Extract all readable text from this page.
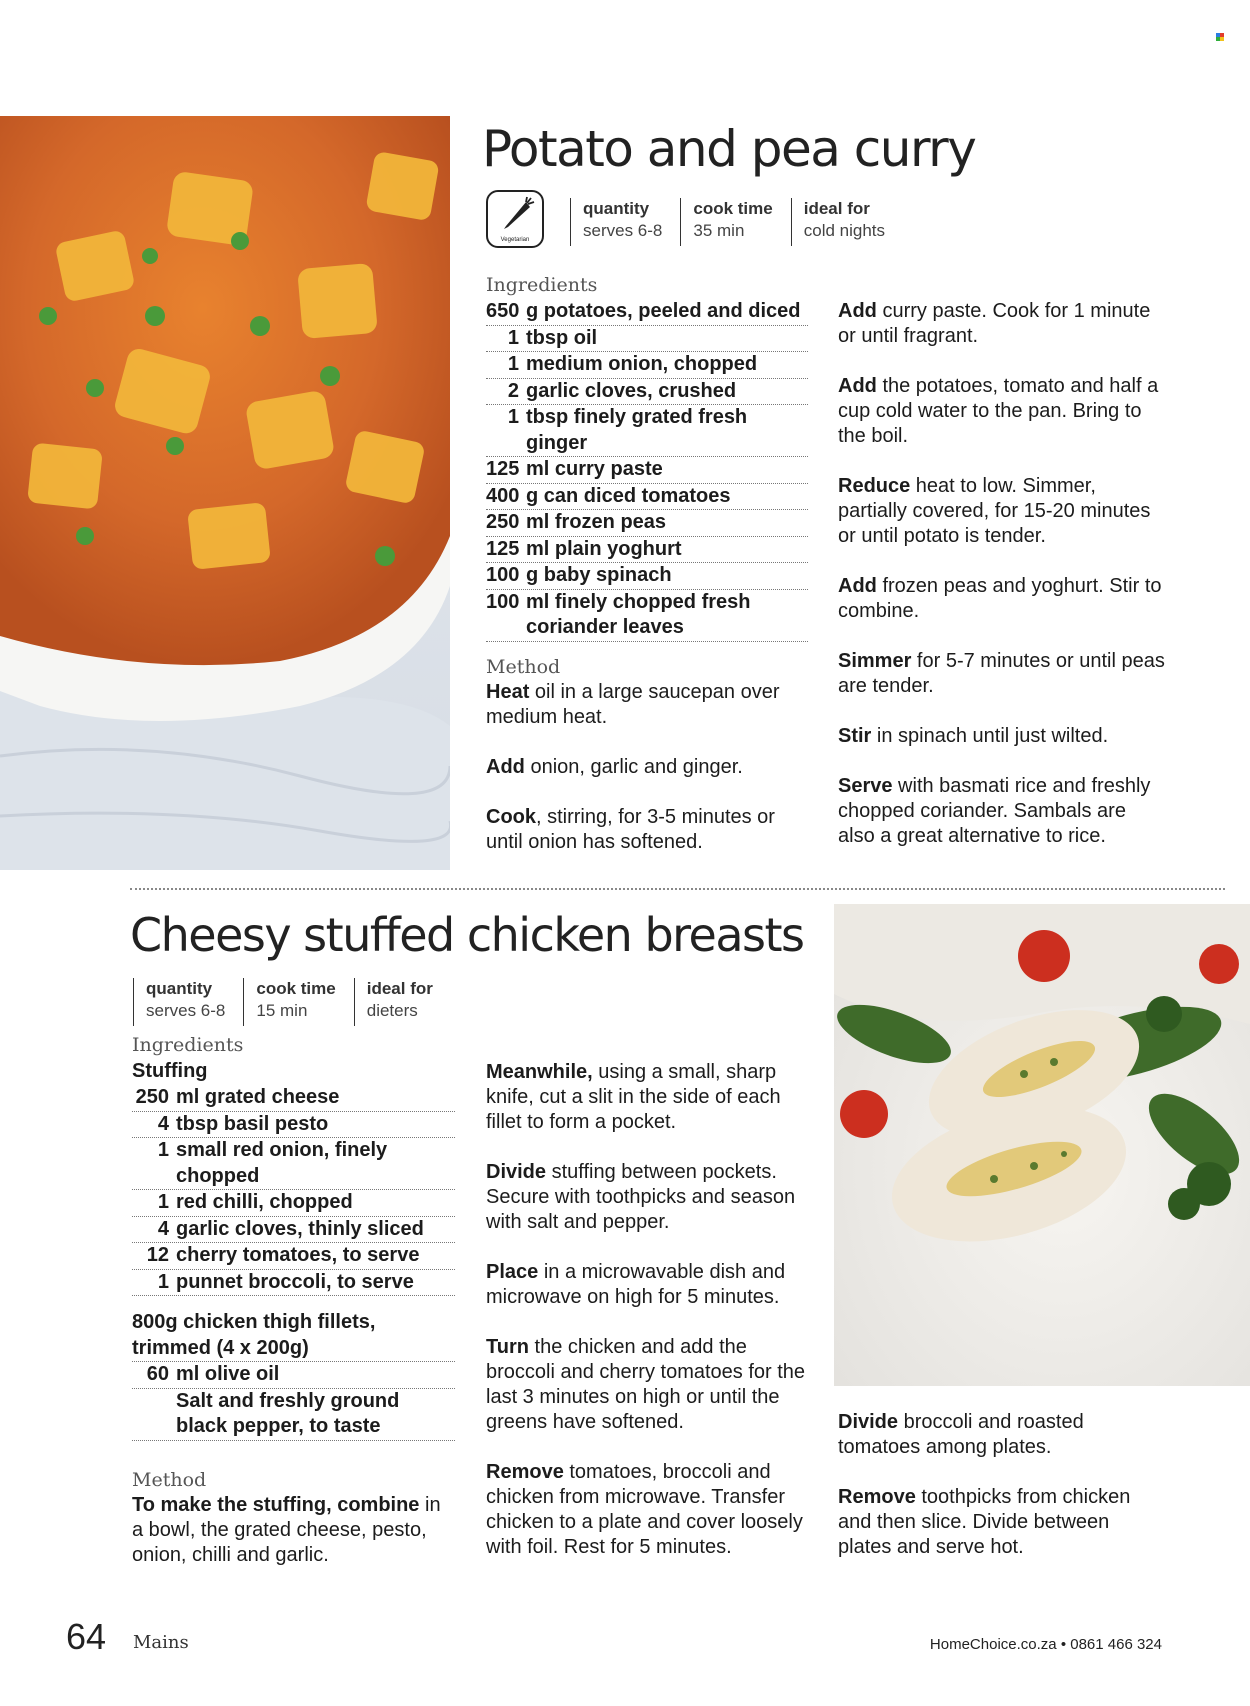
Potato and pea curry
Vegetarian
quantity
serves 6-8
cook time
35 min
ideal for
cold nights
Ingredients
650 g potatoes, peeled and diced
1 tbsp oil
1 medium onion, chopped
2 garlic cloves, crushed
1 tbsp finely grated fresh ginger
125 ml curry paste
400 g can diced tomatoes
250 ml frozen peas
125 ml plain yoghurt
100 g baby spinach
100 ml finely chopped fresh coriander leaves
Method

Heat oil in a large saucepan over medium heat.

Add onion, garlic and ginger.

Cook, stirring, for 3-5 minutes or until onion has softened.

Add curry paste. Cook for 1 minute or until fragrant.

Add the potatoes, tomato and half a cup cold water to the pan. Bring to the boil.

Reduce heat to low. Simmer, partially covered, for 15-20 minutes or until potato is tender.

Add frozen peas and yoghurt. Stir to combine.

Simmer for 5-7 minutes or until peas are tender.

Stir in spinach until just wilted.

Serve with basmati rice and freshly chopped coriander. Sambals are also a great alternative to rice.

Cheesy stuffed chicken breasts
quantity
serves 6-8
cook time
15 min
ideal for
dieters
Ingredients
Stuffing
250 ml grated cheese
4 tbsp basil pesto
1 small red onion, finely chopped
1 red chilli, chopped
4 garlic cloves, thinly sliced
12 cherry tomatoes, to serve
1 punnet broccoli, to serve
800g chicken thigh fillets, trimmed (4 x 200g)
60 ml olive oil
Salt and freshly ground black pepper, to taste
Method

To make the stuffing, combine in a bowl, the grated cheese, pesto, onion, chilli and garlic.

Meanwhile, using a small, sharp knife, cut a slit in the side of each fillet to form a pocket.

Divide stuffing between pockets. Secure with toothpicks and season with salt and pepper.

Place in a microwavable dish and microwave on high for 5 minutes.

Turn the chicken and add the broccoli and cherry tomatoes for the last 3 minutes on high or until the greens have softened.

Remove tomatoes, broccoli and chicken from microwave. Transfer chicken to a plate and cover loosely with foil. Rest for 5 minutes.

Divide broccoli and roasted tomatoes among plates.

Remove toothpicks from chicken and then slice. Divide between plates and serve hot.

64 Mains	HomeChoice.co.za • 0861 466 324
